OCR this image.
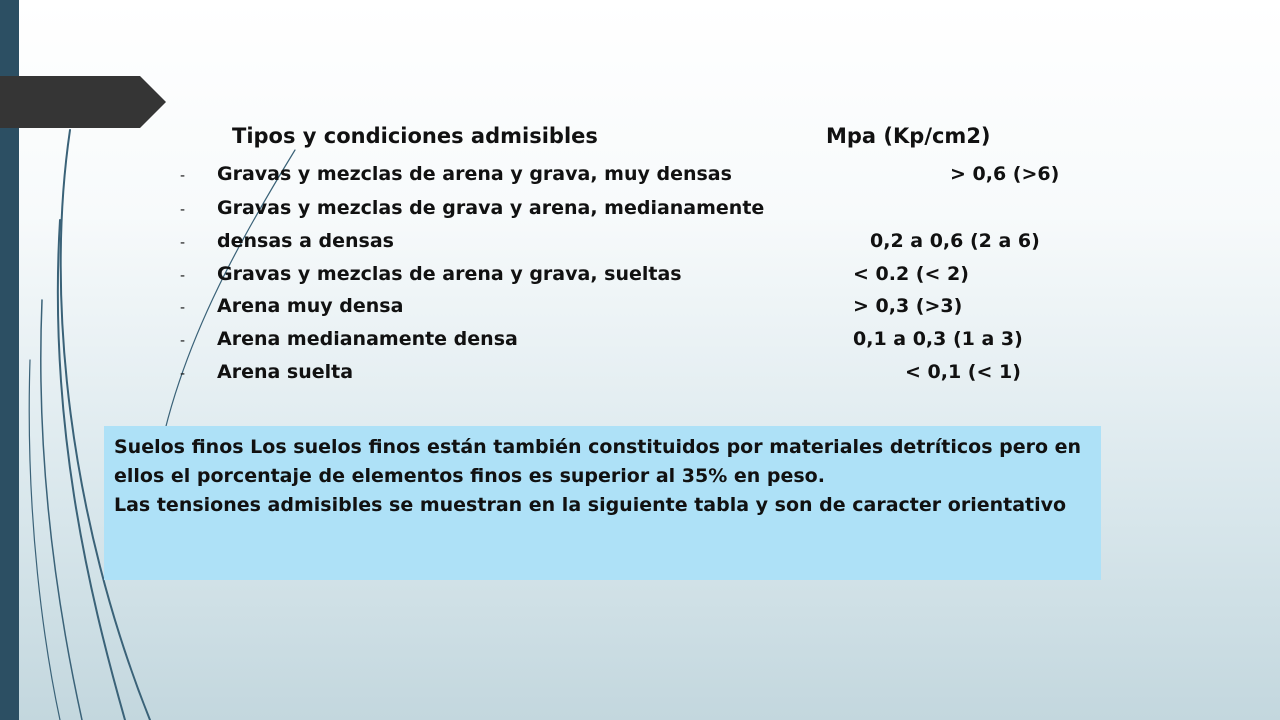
Tipos y condiciones admisibles	Mpa (Kp/cm2)
- Gravas y mezclas de arena y grava, muy densas	> 0,6 (>6)
- Gravas y mezclas de grava y arena, medianamente
- densas a densas	0,2 a 0,6 (2 a 6)
- Gravas y mezclas de arena y grava, sueltas	< 0.2 (< 2)
- Arena muy densa	> 0,3 (>3)
- Arena medianamente densa	0,1 a 0,3 (1 a 3)
- Arena suelta	< 0,1 (< 1)

Suelos finos Los suelos finos están también constituidos por materiales detríticos pero en ellos el porcentaje de elementos finos es superior al 35% en peso.

Las tensiones admisibles se muestran en la siguiente tabla y son de caracter orientativo
